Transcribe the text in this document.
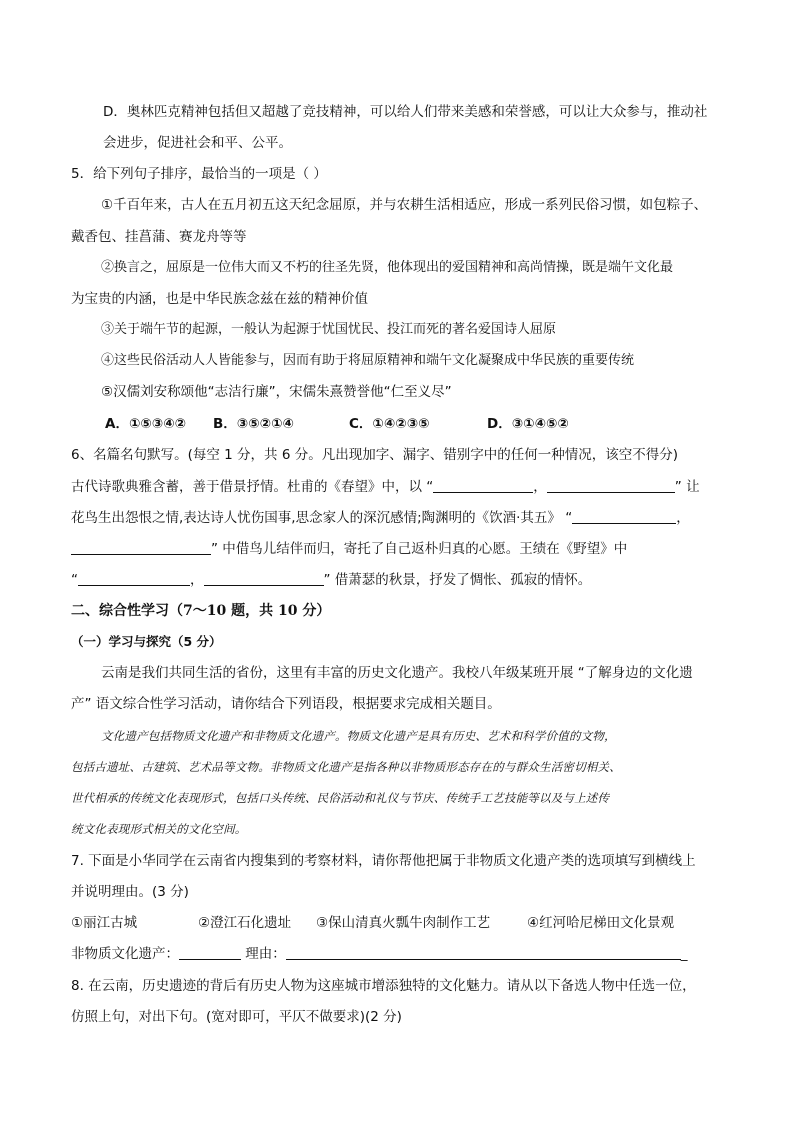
D．奥林匹克精神包括但又超越了竞技精神，可以给人们带来美感和荣誉感，可以让大众参与，推动社
会进步，促进社会和平、公平。
5．给下列句子排序，最恰当的一项是（ ）
①千百年来，古人在五月初五这天纪念屈原，并与农耕生活相适应，形成一系列民俗习惯，如包粽子、
戴香包、挂菖蒲、赛龙舟等等
②换言之，屈原是一位伟大而又不朽的往圣先贤，他体现出的爱国精神和高尚情操，既是端午文化最
为宝贵的内涵，也是中华民族念兹在兹的精神价值
③关于端午节的起源，一般认为起源于忧国忧民、投江而死的著名爱国诗人屈原
④这些民俗活动人人皆能参与，因而有助于将屈原精神和端午文化凝聚成中华民族的重要传统
⑤汉儒刘安称颂他“志洁行廉”，宋儒朱熹赞誉他“仁至义尽”
A．①⑤③④② B．③⑤②①④	C．①④②③⑤	D．③①④⑤②
6、名篇名句默写。(每空 1 分，共 6 分。凡出现加字、漏字、错别字中的任何一种情况，该空不得分)
古代诗歌典雅含蓄，善于借景抒情。杜甫的《春望》中，以 “	，	” 让
花鸟生出怨恨之情,表达诗人忧伤国事,思念家人的深沉感情;陶渊明的《饮酒·其五》 “	，
” 中借鸟儿结伴而归，寄托了自己返朴归真的心愿。王绩在《野望》中
“	，	” 借萧瑟的秋景，抒发了惆怅、孤寂的情怀。
二、综合性学习（7～10 题，共 10 分）
（一）学习与探究（5 分）
云南是我们共同生活的省份，这里有丰富的历史文化遗产。我校八年级某班开展 “了解身边的文化遗
产” 语文综合性学习活动，请你结合下列语段，根据要求完成相关题目。
文化遗产包括物质文化遗产和非物质文化遗产。物质文化遗产是具有历史、艺术和科学价值的文物，
包括古遗址、古建筑、艺术品等文物。非物质文化遗产是指各种以非物质形态存在的与群众生活密切相关、
世代相承的传统文化表现形式，包括口头传统、民俗活动和礼仪与节庆、传统手工艺技能等以及与上述传
统文化表现形式相关的文化空间。
7. 下面是小华同学在云南省内搜集到的考察材料，请你帮他把属于非物质文化遗产类的选项填写到横线上
并说明理由。(3 分)
①丽江古城	②澄江石化遗址 ③保山清真火瓢牛肉制作工艺	④红河哈尼梯田文化景观
非物质文化遗产：	理由：	_
8. 在云南，历史遗迹的背后有历史人物为这座城市增添独特的文化魅力。请从以下备选人物中任选一位，
仿照上句，对出下句。(宽对即可，平仄不做要求)(2 分)
